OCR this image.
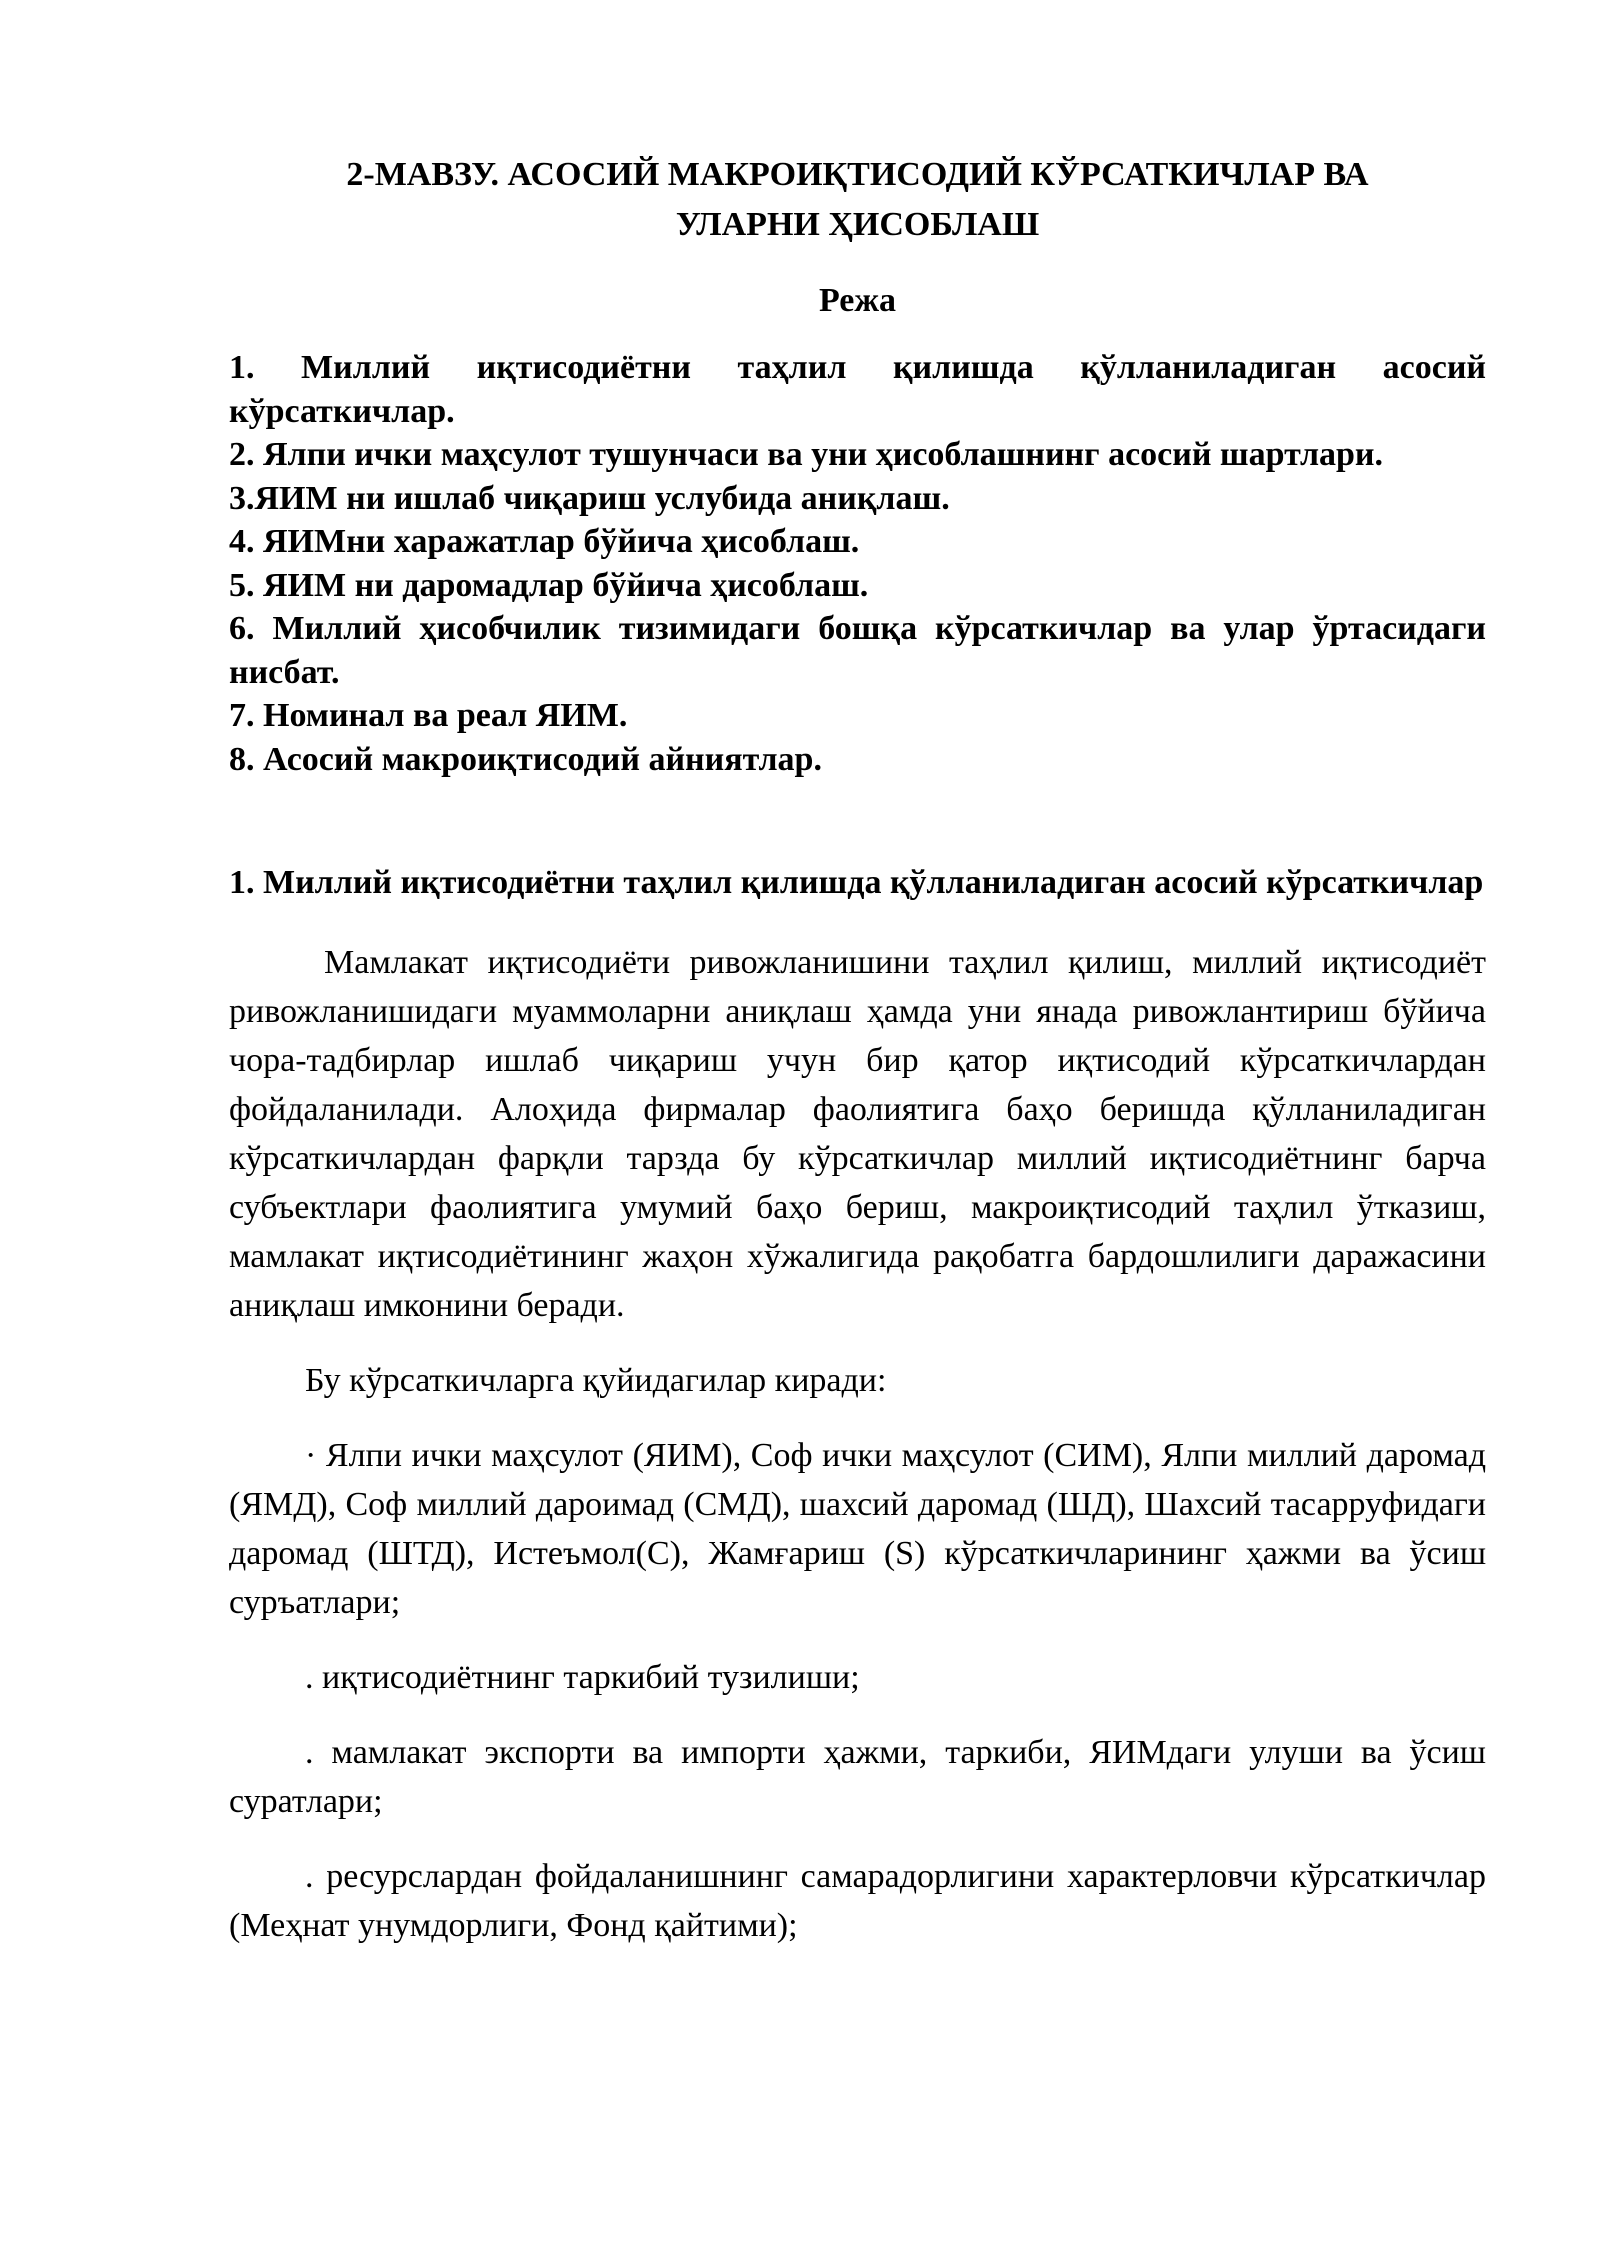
2-МАВЗУ. АСОСИЙ МАКРОИҚТИСОДИЙ КЎРСАТКИЧЛАР ВА
УЛАРНИ ҲИСОБЛАШ
Режа
1. Миллий иқтисодиётни таҳлил қилишда қўлланиладиган асосий кўрсаткичлар.
2. Ялпи ички маҳсулот тушунчаси ва уни ҳисоблашнинг асосий шартлари.
3.ЯИМ ни ишлаб чиқариш услубида аниқлаш.
4. ЯИМни харажатлар бўйича ҳисоблаш.
5. ЯИМ ни даромадлар бўйича ҳисоблаш.
6. Миллий ҳисобчилик тизимидаги бошқа кўрсаткичлар ва улар ўртасидаги нисбат.
7. Номинал ва реал ЯИМ.
8. Асосий макроиқтисодий айниятлар.
1. Миллий иқтисодиётни таҳлил қилишда қўлланиладиган асосий кўрсаткичлар

Мамлакат иқтисодиёти ривожланишини таҳлил қилиш, миллий иқтисодиёт ривожланишидаги муаммоларни аниқлаш ҳамда уни янада ривожлантириш бўйича чора-тадбирлар ишлаб чиқариш учун бир қатор иқтисодий кўрсаткичлардан фойдаланилади. Алоҳида фирмалар фаолиятига баҳо беришда қўлланиладиган кўрсаткичлардан фарқли тарзда бу кўрсаткичлар миллий иқтисодиётнинг барча субъектлари фаолиятига умумий баҳо бериш, макроиқтисодий таҳлил ўтказиш, мамлакат иқтисодиётининг жаҳон хўжалигида рақобатга бардошлилиги даражасини аниқлаш имконини беради.

Бу кўрсаткичларга қуйидагилар киради:

· Ялпи ички маҳсулот (ЯИМ), Соф ички маҳсулот (СИМ), Ялпи миллий даромад (ЯМД), Соф миллий дароимад (СМД), шахсий даромад (ШД), Шахсий тасарруфидаги даромад (ШТД), Истеъмол(С), Жамғариш (S) кўрсаткичларининг ҳажми ва ўсиш суръатлари;

. иқтисодиётнинг таркибий тузилиши;

. мамлакат экспорти ва импорти ҳажми, таркиби, ЯИМдаги улуши ва ўсиш суратлари;

. ресурслардан фойдаланишнинг самарадорлигини характерловчи кўрсаткичлар (Меҳнат унумдорлиги, Фонд қайтими);
